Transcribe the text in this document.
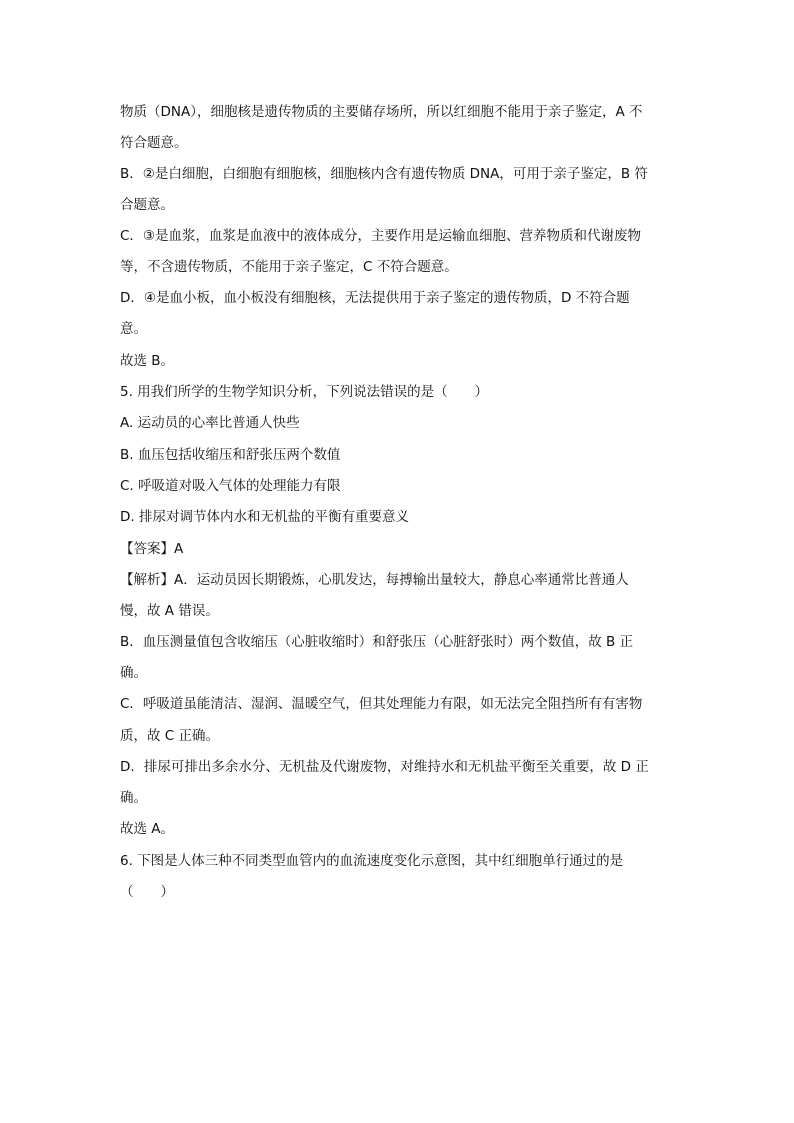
物质（DNA），细胞核是遗传物质的主要储存场所，所以红细胞不能用于亲子鉴定，A 不
符合题意。
B．②是白细胞，白细胞有细胞核，细胞核内含有遗传物质 DNA，可用于亲子鉴定，B 符
合题意。
C．③是血浆，血浆是血液中的液体成分，主要作用是运输血细胞、营养物质和代谢废物
等，不含遗传物质，不能用于亲子鉴定，C 不符合题意。
D．④是血小板，血小板没有细胞核，无法提供用于亲子鉴定的遗传物质，D 不符合题
意。
故选 B。
5. 用我们所学的生物学知识分析，下列说法错误的是（　　）
A. 运动员的心率比普通人快些
B. 血压包括收缩压和舒张压两个数值
C. 呼吸道对吸入气体的处理能力有限
D. 排尿对调节体内水和无机盐的平衡有重要意义
【答案】A
【解析】A．运动员因长期锻炼，心肌发达，每搏输出量较大，静息心率通常比普通人
慢，故 A 错误。
B．血压测量值包含收缩压（心脏收缩时）和舒张压（心脏舒张时）两个数值，故 B 正
确。
C．呼吸道虽能清洁、湿润、温暖空气，但其处理能力有限，如无法完全阻挡所有有害物
质，故 C 正确。
D．排尿可排出多余水分、无机盐及代谢废物，对维持水和无机盐平衡至关重要，故 D 正
确。
故选 A。
6. 下图是人体三种不同类型血管内的血流速度变化示意图，其中红细胞单行通过的是
（　　）
